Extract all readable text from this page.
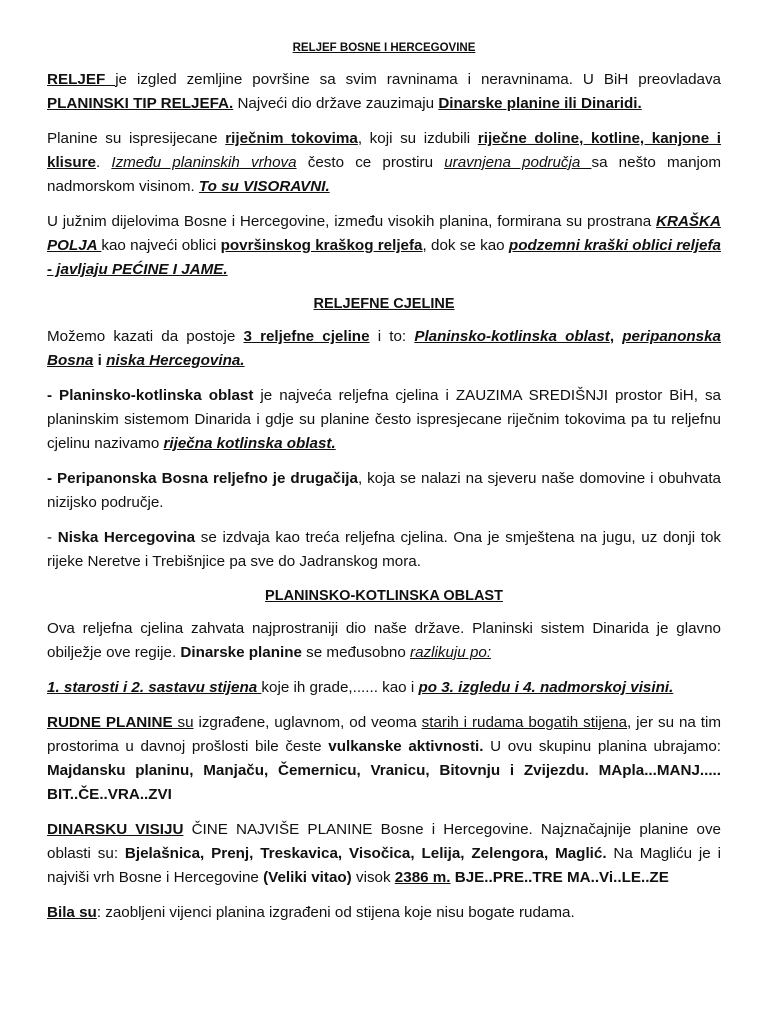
RELJEF BOSNE I HERCEGOVINE

RELJEF je izgled zemljine površine sa svim ravninama i neravninama. U BiH preovladava PLANINSKI TIP RELJEFA. Najveći dio države zauzimaju Dinarske planine ili Dinaridi.

Planine su ispresijecane riječnim tokovima, koji su izdubili riječne doline, kotline, kanjone i klisure. Između planinskih vrhova često ce prostiru uravnjena područja sa nešto manjom nadmorskom visinom. To su VISORAVNI.

U južnim dijelovima Bosne i Hercegovine, između visokih planina, formirana su prostrana KRAŠKA POLJA kao najveći oblici površinskog kraškog reljefa, dok se kao podzemni kraški oblici reljefa - javljaju PEĆINE I JAME.

RELJEFNE CJELINE

Možemo kazati da postoje 3 reljefne cjeline i to: Planinsko-kotlinska oblast, peripanonska Bosna i niska Hercegovina.

- Planinsko-kotlinska oblast je najveća reljefna cjelina i ZAUZIMA SREDIŠNJI prostor BiH, sa planinskim sistemom Dinarida i gdje su planine često ispresjecane riječnim tokovima pa tu reljefnu cjelinu nazivamo riječna kotlinska oblast.

- Peripanonska Bosna reljefno je drugačija, koja se nalazi na sjeveru naše domovine i obuhvata nizijsko područje.

- Niska Hercegovina se izdvaja kao treća reljefna cjelina. Ona je smještena na jugu, uz donji tok rijeke Neretve i Trebišnjice pa sve do Jadranskog mora.

PLANINSKO-KOTLINSKA OBLAST

Ova reljefna cjelina zahvata najprostraniji dio naše države. Planinski sistem Dinarida je glavno obilježje ove regije. Dinarske planine se međusobno razlikuju po:

1. starosti i 2. sastavu stijena koje ih grade,...... kao i po 3. izgledu i 4. nadmorskoj visini.

RUDNE PLANINE su izgrađene, uglavnom, od veoma starih i rudama bogatih stijena, jer su na tim prostorima u davnoj prošlosti bile česte vulkanske aktivnosti. U ovu skupinu planina ubrajamo: Majdansku planinu, Manjaču, Čemernicu, Vranicu, Bitovnju i Zvijezdu. MApla...MANJ..... BIT..ČE..VRA..ZVI

DINARSKU VISIJU ČINE NAJVIŠE PLANINE Bosne i Hercegovine. Najznačajnije planine ove oblasti su: Bjelašnica, Prenj, Treskavica, Visočica, Lelija, Zelengora, Maglić. Na Magliću je i najviši vrh Bosne i Hercegovine (Veliki vitao) visok 2386 m. BJE..PRE..TRE MA..Vi..LE..ZE

Bila su: zaobljeni vijenci planina izgrađeni od stijena koje nisu bogate rudama.
